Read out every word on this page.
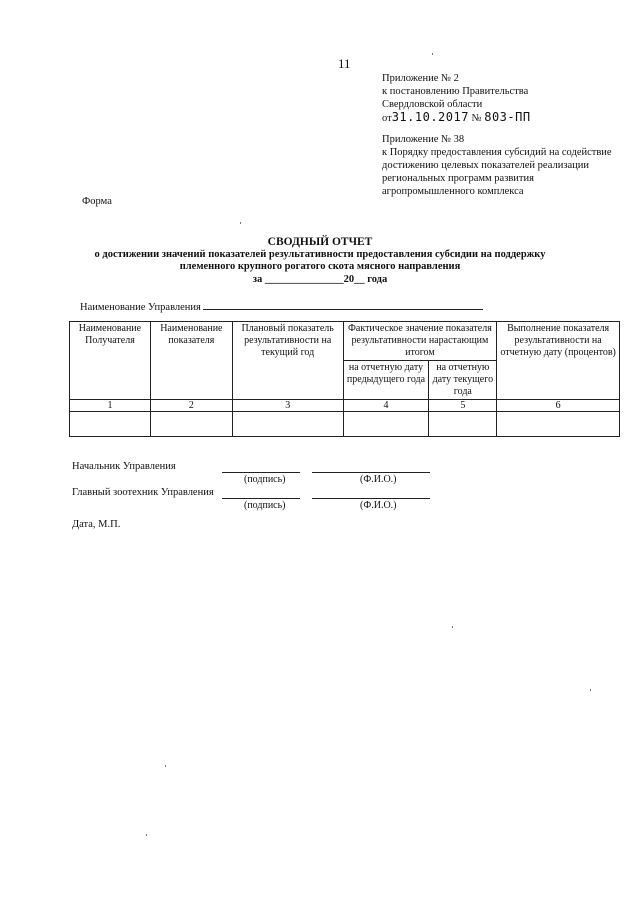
11
Приложение № 2
к постановлению Правительства
Свердловской области
от31.10.2017 № 803-ПП
Приложение № 38
к Порядку предоставления субсидий на содействие
достижению целевых показателей реализации
региональных программ развития
агропромышленного комплекса
Форма
СВОДНЫЙ ОТЧЕТ
о достижении значений показателей результативности предоставления субсидии на поддержку
племенного крупного рогатого скота мясного направления
за _______________20__ года
Наименование Управления
Наименование Получателя	Наименование показателя	Плановый показатель результативности на текущий год	Фактическое значение показателя результативности нарастающим итогом		Выполнение показателя результативности на отчетную дату (процентов)
			на отчетную дату предыдущего года	на отчетную дату текущего года	
1	2	3	4	5	6

Начальник Управления
(подпись)	(Ф.И.О.)
Главный зоотехник Управления
(подпись)	(Ф.И.О.)
Дата, М.П.
